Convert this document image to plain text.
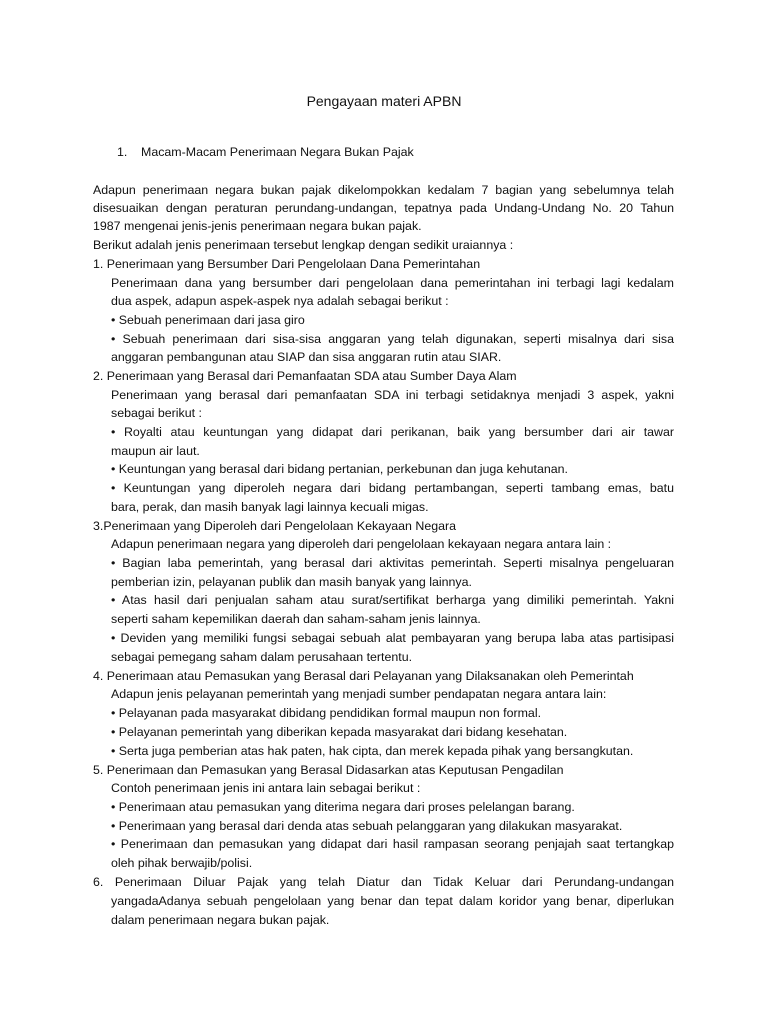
Pengayaan materi APBN
1.	Macam-Macam Penerimaan Negara Bukan Pajak
Adapun penerimaan negara bukan pajak dikelompokkan kedalam 7 bagian yang sebelumnya telah
disesuaikan dengan peraturan perundang-undangan, tepatnya pada Undang-Undang No. 20 Tahun
1987 mengenai jenis-jenis penerimaan negara bukan pajak.
Berikut adalah jenis penerimaan tersebut lengkap dengan sedikit uraiannya :
1. Penerimaan yang Bersumber Dari Pengelolaan Dana Pemerintahan
Penerimaan dana yang bersumber dari pengelolaan dana pemerintahan ini terbagi lagi kedalam
dua aspek, adapun aspek-aspek nya adalah sebagai berikut :
• Sebuah penerimaan dari jasa giro
• Sebuah penerimaan dari sisa-sisa anggaran yang telah digunakan, seperti misalnya dari sisa
anggaran pembangunan atau SIAP dan sisa anggaran rutin atau SIAR.
2. Penerimaan yang Berasal dari Pemanfaatan SDA atau Sumber Daya Alam
Penerimaan yang berasal dari pemanfaatan SDA ini terbagi setidaknya menjadi 3 aspek, yakni
sebagai berikut :
• Royalti atau keuntungan yang didapat dari perikanan, baik yang bersumber dari air tawar
maupun air laut.
• Keuntungan yang berasal dari bidang pertanian, perkebunan dan juga kehutanan.
• Keuntungan yang diperoleh negara dari bidang pertambangan, seperti tambang emas, batu
bara, perak, dan masih banyak lagi lainnya kecuali migas.
3.Penerimaan yang Diperoleh dari Pengelolaan Kekayaan Negara
Adapun penerimaan negara yang diperoleh dari pengelolaan kekayaan negara antara lain :
• Bagian laba pemerintah, yang berasal dari aktivitas pemerintah. Seperti misalnya pengeluaran
pemberian izin, pelayanan publik dan masih banyak yang lainnya.
• Atas hasil dari penjualan saham atau surat/sertifikat berharga yang dimiliki pemerintah. Yakni
seperti saham kepemilikan daerah dan saham-saham jenis lainnya.
• Deviden yang memiliki fungsi sebagai sebuah alat pembayaran yang berupa laba atas partisipasi
sebagai pemegang saham dalam perusahaan tertentu.
4. Penerimaan atau Pemasukan yang Berasal dari Pelayanan yang Dilaksanakan oleh Pemerintah
Adapun jenis pelayanan pemerintah yang menjadi sumber pendapatan negara antara lain:
• Pelayanan pada masyarakat dibidang pendidikan formal maupun non formal.
• Pelayanan pemerintah yang diberikan kepada masyarakat dari bidang kesehatan.
• Serta juga pemberian atas hak paten, hak cipta, dan merek kepada pihak yang bersangkutan.
5. Penerimaan dan Pemasukan yang Berasal Didasarkan atas Keputusan Pengadilan
Contoh penerimaan jenis ini antara lain sebagai berikut :
• Penerimaan atau pemasukan yang diterima negara dari proses pelelangan barang.
• Penerimaan yang berasal dari denda atas sebuah pelanggaran yang dilakukan masyarakat.
• Penerimaan dan pemasukan yang didapat dari hasil rampasan seorang penjajah saat tertangkap
oleh pihak berwajib/polisi.
6. Penerimaan Diluar Pajak yang telah Diatur dan Tidak Keluar dari Perundang-undangan
yangadaAdanya sebuah pengelolaan yang benar dan tepat dalam koridor yang benar, diperlukan
dalam penerimaan negara bukan pajak.
